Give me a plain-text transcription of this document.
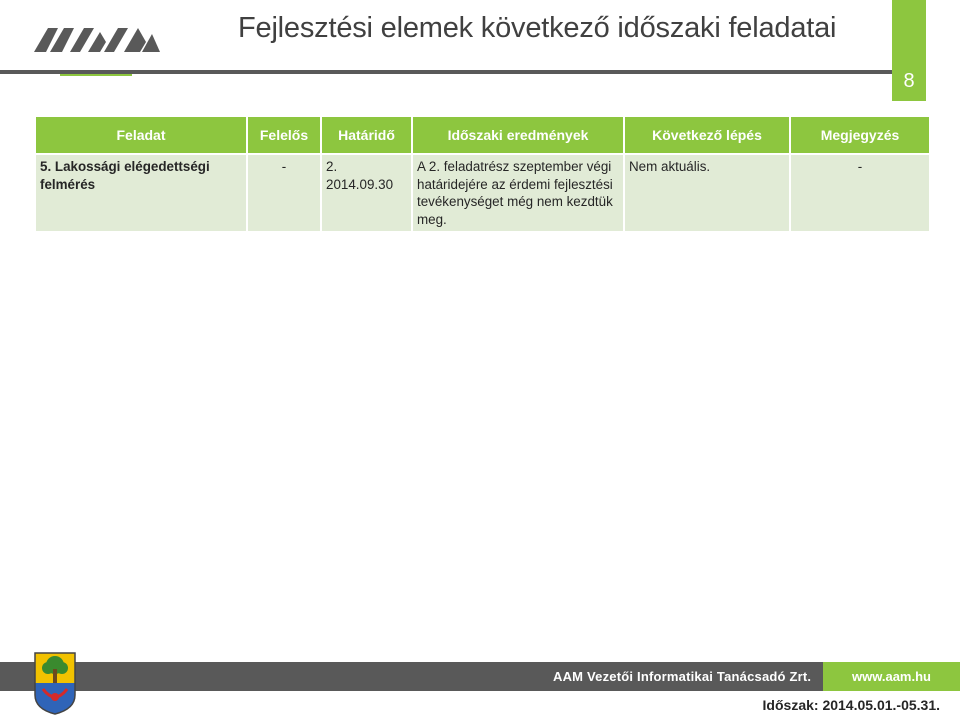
Fejlesztési elemek következő időszaki feladatai
8
Feladat	Felelős	Határidő	Időszaki eredmények	Következő lépés	Megjegyzés
5. Lakossági elégedettségi felmérés	-	2. 2014.09.30	A 2. feladatrész szeptember végi határidejére az érdemi fejlesztési tevékenységet még nem kezdtük meg.	Nem aktuális.	-
AAM Vezetői Informatikai Tanácsadó Zrt.	www.aam.hu
Időszak: 2014.05.01.-05.31.
